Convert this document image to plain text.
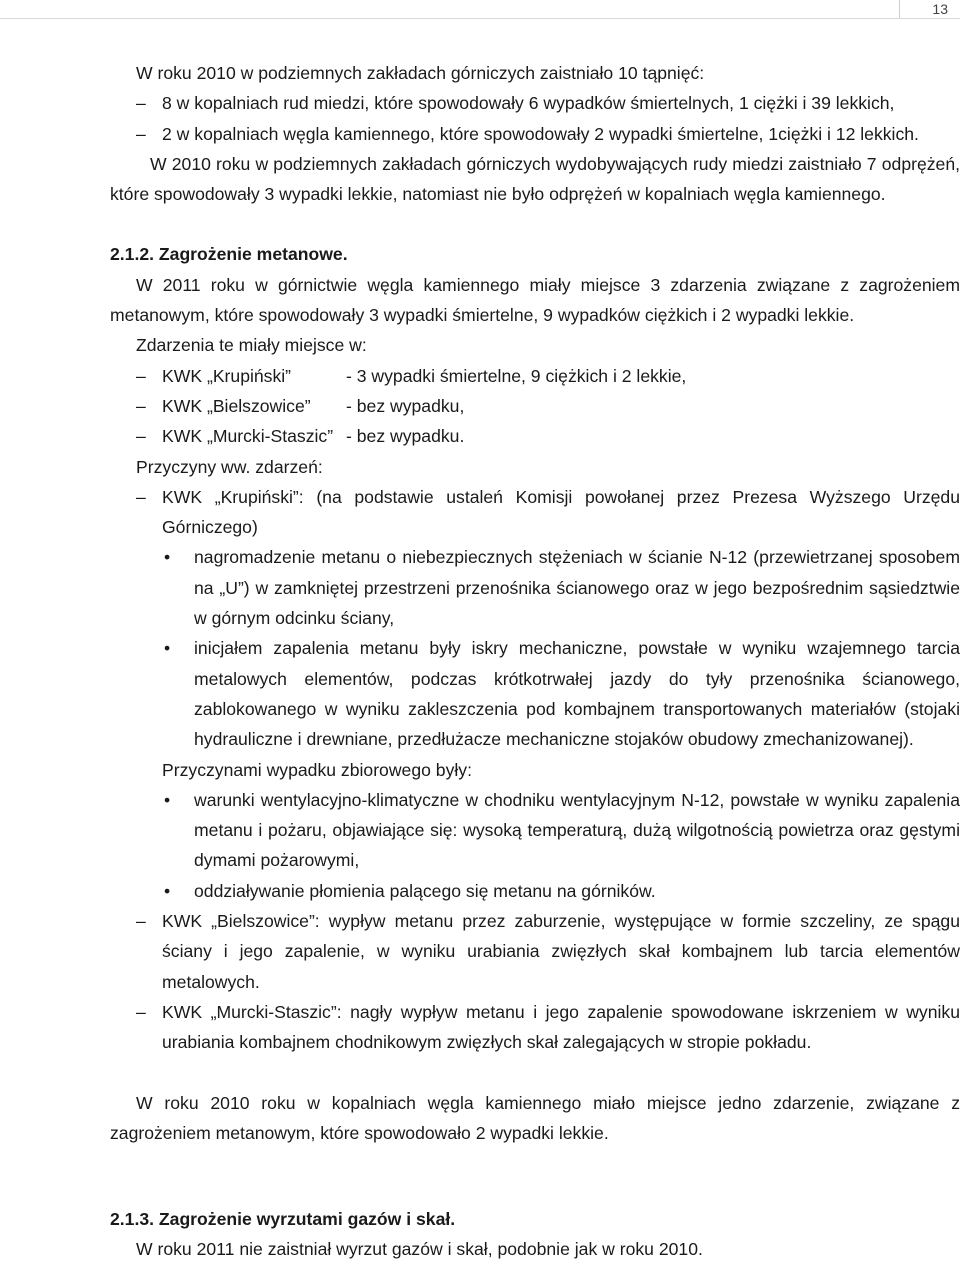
13

W roku 2010 w podziemnych zakładach górniczych zaistniało 10 tąpnięć:

– 8 w kopalniach rud miedzi, które spowodowały 6 wypadków śmiertelnych, 1 ciężki i 39 lekkich,
– 2 w kopalniach węgla kamiennego, które spowodowały 2 wypadki śmiertelne, 1ciężki i 12 lekkich.

W 2010 roku w podziemnych zakładach górniczych wydobywających rudy miedzi zaistniało 7 odprężeń, które spowodowały 3 wypadki lekkie, natomiast nie było odprężeń w kopalniach węgla kamiennego.

2.1.2. Zagrożenie metanowe.

W 2011 roku w górnictwie węgla kamiennego miały miejsce 3 zdarzenia związane z zagrożeniem metanowym, które spowodowały 3 wypadki śmiertelne, 9 wypadków ciężkich i 2 wypadki lekkie.

Zdarzenia te miały miejsce w:

– KWK „Krupiński”	- 3 wypadki śmiertelne, 9 ciężkich i 2 lekkie,
– KWK „Bielszowice”	- bez wypadku,
– KWK „Murcki-Staszic” - bez wypadku.

Przyczyny ww. zdarzeń:

– KWK „Krupiński”: (na podstawie ustaleń Komisji powołanej przez Prezesa Wyższego Urzędu Górniczego)
• nagromadzenie metanu o niebezpiecznych stężeniach w ścianie N-12 (przewietrzanej sposobem na „U”) w zamkniętej przestrzeni przenośnika ścianowego oraz w jego bezpośrednim sąsiedztwie w górnym odcinku ściany,
• inicjałem zapalenia metanu były iskry mechaniczne, powstałe w wyniku wzajemnego tarcia metalowych elementów, podczas krótkotrwałej jazdy do tyły przenośnika ścianowego, zablokowanego w wyniku zakleszczenia pod kombajnem transportowanych materiałów (stojaki hydrauliczne i drewniane, przedłużacze mechaniczne stojaków obudowy zmechanizowanej).

Przyczynami wypadku zbiorowego były:

• warunki wentylacyjno-klimatyczne w chodniku wentylacyjnym N-12, powstałe w wyniku zapalenia metanu i pożaru, objawiające się: wysoką temperaturą, dużą wilgotnością powietrza oraz gęstymi dymami pożarowymi,
• oddziaływanie płomienia palącego się metanu na górników.
– KWK „Bielszowice”: wypływ metanu przez zaburzenie, występujące w formie szczeliny, ze spągu ściany i jego zapalenie, w wyniku urabiania zwięzłych skał kombajnem lub tarcia elementów metalowych.
– KWK „Murcki-Staszic”: nagły wypływ metanu i jego zapalenie spowodowane iskrzeniem w wyniku urabiania kombajnem chodnikowym zwięzłych skał zalegających w stropie pokładu.

W roku 2010 roku w kopalniach węgla kamiennego miało miejsce jedno zdarzenie, związane z zagrożeniem metanowym, które spowodowało 2 wypadki lekkie.

2.1.3. Zagrożenie wyrzutami gazów i skał.

W roku 2011 nie zaistniał wyrzut gazów i skał, podobnie jak w roku 2010.
